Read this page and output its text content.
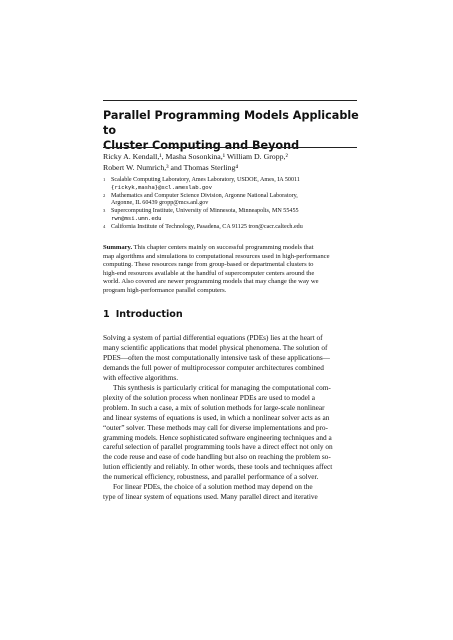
Parallel Programming Models Applicable to
Cluster Computing and Beyond
Ricky A. Kendall,¹, Masha Sosonkina,¹ William D. Gropp,²
Robert W. Numrich,³ and Thomas Sterling⁴
1 Scalable Computing Laboratory, Ames Laboratory, USDOE, Ames, IA 50011
{rickyk,masha}@scl.ameslab.gov
2 Mathematics and Computer Science Division, Argonne National Laboratory,
Argonne, IL 60439 gropp@mcs.anl.gov
3 Supercomputing Institute, University of Minnesota, Minneapolis, MN 55455
rwn@msi.umn.edu
4 California Institute of Technology, Pasadena, CA 91125 tron@cacr.caltech.edu
Summary. This chapter centers mainly on successful programming models that
map algorithms and simulations to computational resources used in high-performance
computing. These resources range from group-based or departmental clusters to
high-end resources available at the handful of supercomputer centers around the
world. Also covered are newer programming models that may change the way we
program high-performance parallel computers.
1 Introduction
Solving a system of partial differential equations (PDEs) lies at the heart of
many scientific applications that model physical phenomena. The solution of
PDES—often the most computationally intensive task of these applications—
demands the full power of multiprocessor computer architectures combined
with effective algorithms.
This synthesis is particularly critical for managing the computational com-
plexity of the solution process when nonlinear PDEs are used to model a
problem. In such a case, a mix of solution methods for large-scale nonlinear
and linear systems of equations is used, in which a nonlinear solver acts as an
“outer” solver. These methods may call for diverse implementations and pro-
gramming models. Hence sophisticated software engineering techniques and a
careful selection of parallel programming tools have a direct effect not only on
the code reuse and ease of code handling but also on reaching the problem so-
lution efficiently and reliably. In other words, these tools and techniques affect
the numerical efficiency, robustness, and parallel performance of a solver.
For linear PDEs, the choice of a solution method may depend on the
type of linear system of equations used. Many parallel direct and iterative
